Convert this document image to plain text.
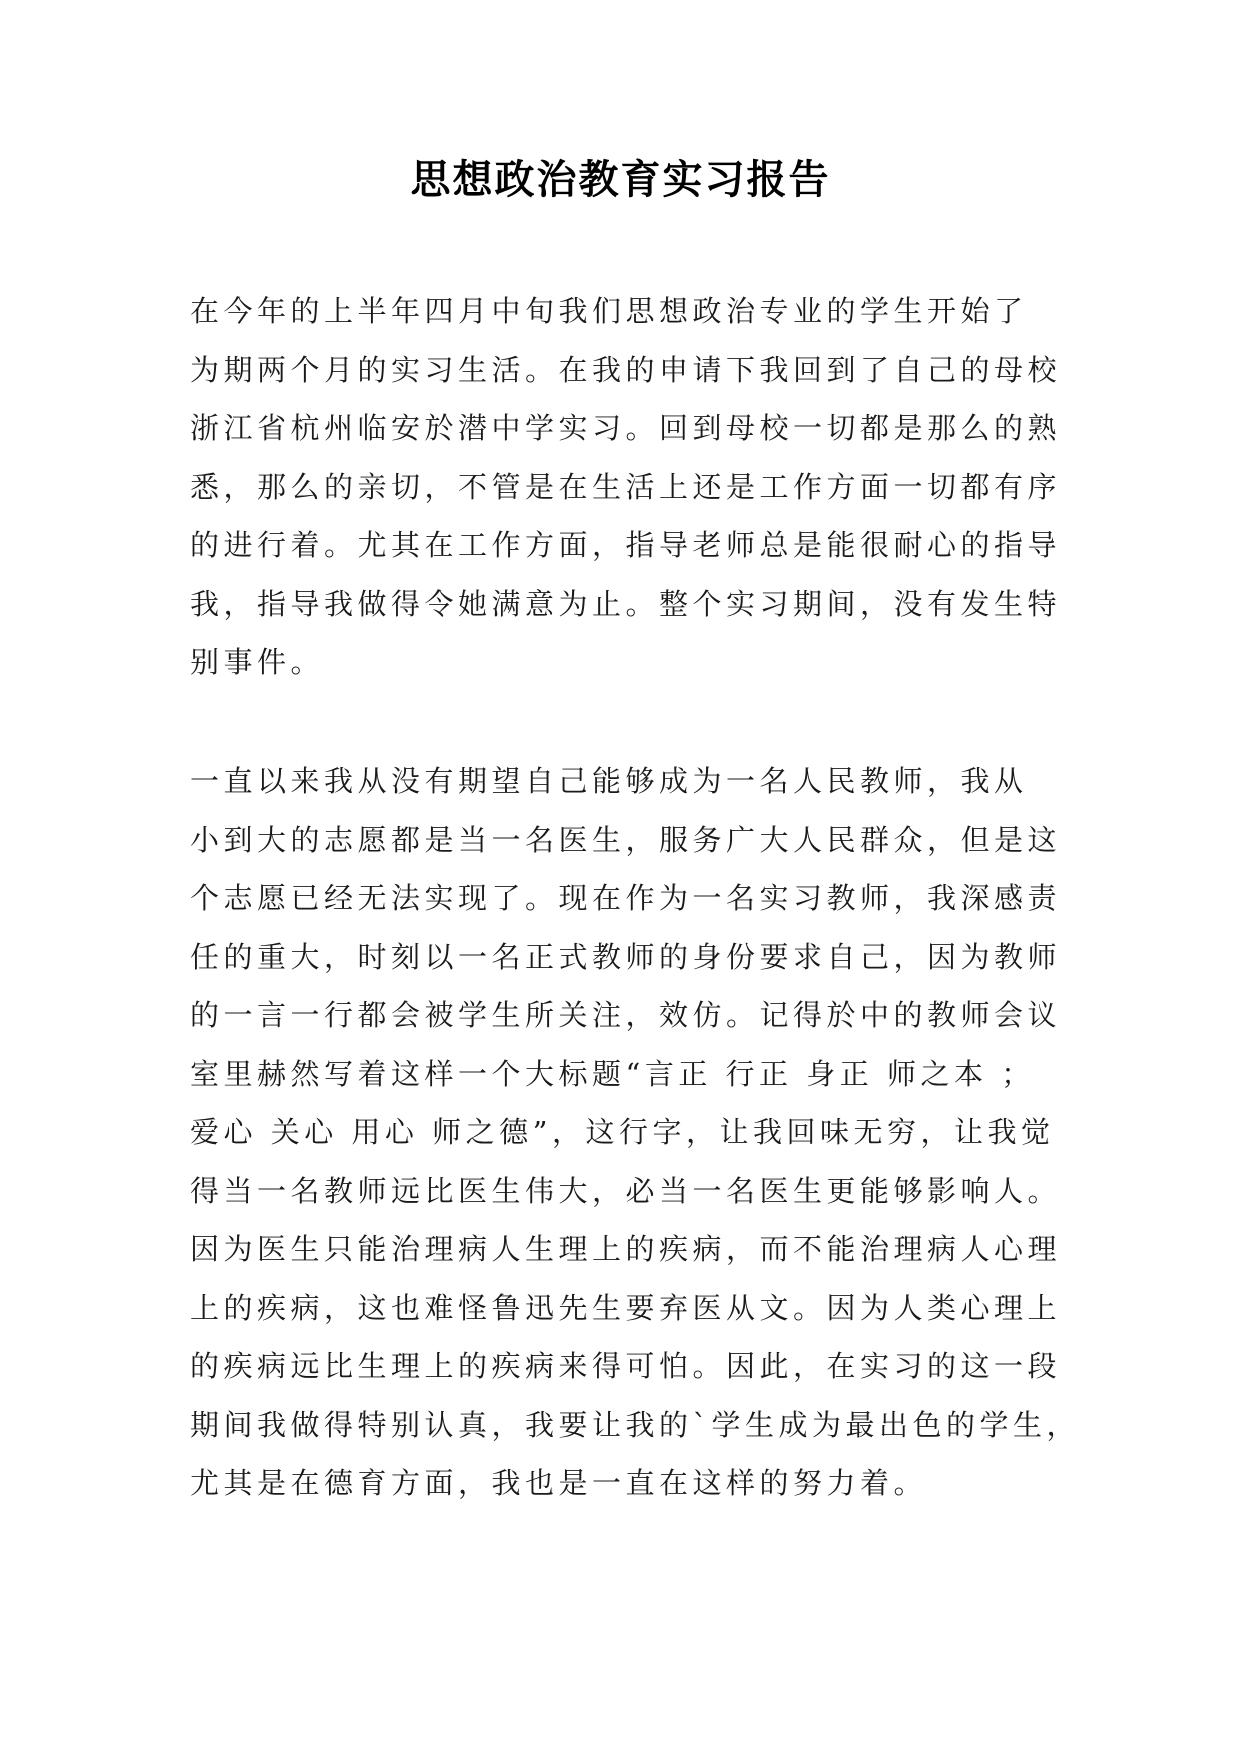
思想政治教育实习报告
在今年的上半年四月中旬我们思想政治专业的学生开始了
为期两个月的实习生活。在我的申请下我回到了自己的母校
浙江省杭州临安於潜中学实习。回到母校一切都是那么的熟
悉，那么的亲切，不管是在生活上还是工作方面一切都有序
的进行着。尤其在工作方面，指导老师总是能很耐心的指导
我，指导我做得令她满意为止。整个实习期间，没有发生特
别事件。
一直以来我从没有期望自己能够成为一名人民教师，我从
小到大的志愿都是当一名医生，服务广大人民群众，但是这
个志愿已经无法实现了。现在作为一名实习教师，我深感责
任的重大，时刻以一名正式教师的身份要求自己，因为教师
的一言一行都会被学生所关注，效仿。记得於中的教师会议
室里赫然写着这样一个大标题“言正 行正 身正 师之本 ；
爱心 关心 用心 师之德”，这行字，让我回味无穷，让我觉
得当一名教师远比医生伟大，必当一名医生更能够影响人。
因为医生只能治理病人生理上的疾病，而不能治理病人心理
上的疾病，这也难怪鲁迅先生要弃医从文。因为人类心理上
的疾病远比生理上的疾病来得可怕。因此，在实习的这一段
期间我做得特别认真，我要让我的`学生成为最出色的学生，
尤其是在德育方面，我也是一直在这样的努力着。
